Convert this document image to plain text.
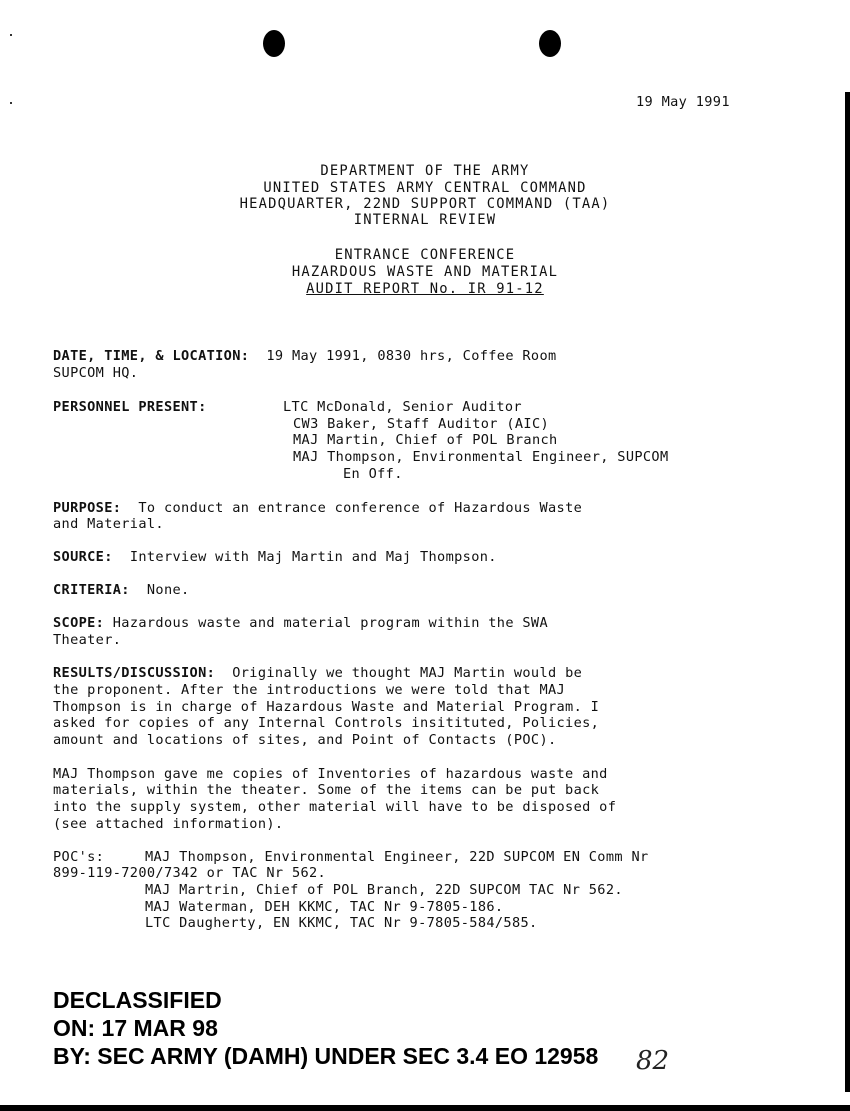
19 May 1991
DEPARTMENT OF THE ARMY
UNITED STATES ARMY CENTRAL COMMAND
HEADQUARTER, 22ND SUPPORT COMMAND (TAA)
INTERNAL REVIEW
ENTRANCE CONFERENCE
HAZARDOUS WASTE AND MATERIAL
AUDIT REPORT No. IR 91-12
DATE, TIME, & LOCATION: 19 May 1991, 0830 hrs, Coffee Room
SUPCOM HQ.
PERSONNEL PRESENT:	LTC McDonald, Senior Auditor
CW3 Baker, Staff Auditor (AIC)
MAJ Martin, Chief of POL Branch
MAJ Thompson, Environmental Engineer, SUPCOM
En Off.
PURPOSE: To conduct an entrance conference of Hazardous Waste
and Material.
SOURCE: Interview with Maj Martin and Maj Thompson.
CRITERIA: None.
SCOPE: Hazardous waste and material program within the SWA
Theater.
RESULTS/DISCUSSION: Originally we thought MAJ Martin would be
the proponent. After the introductions we were told that MAJ
Thompson is in charge of Hazardous Waste and Material Program. I
asked for copies of any Internal Controls insitituted, Policies,
amount and locations of sites, and Point of Contacts (POC).
MAJ Thompson gave me copies of Inventories of hazardous waste and
materials, within the theater. Some of the items can be put back
into the supply system, other material will have to be disposed of
(see attached information).
POC's:	MAJ Thompson, Environmental Engineer, 22D SUPCOM EN Comm Nr
899-119-7200/7342 or TAC Nr 562.
MAJ Martrin, Chief of POL Branch, 22D SUPCOM TAC Nr 562.
MAJ Waterman, DEH KKMC, TAC Nr 9-7805-186.
LTC Daugherty, EN KKMC, TAC Nr 9-7805-584/585.
DECLASSIFIED
ON: 17 MAR 98
BY: SEC ARMY (DAMH) UNDER SEC 3.4 EO 12958 82
